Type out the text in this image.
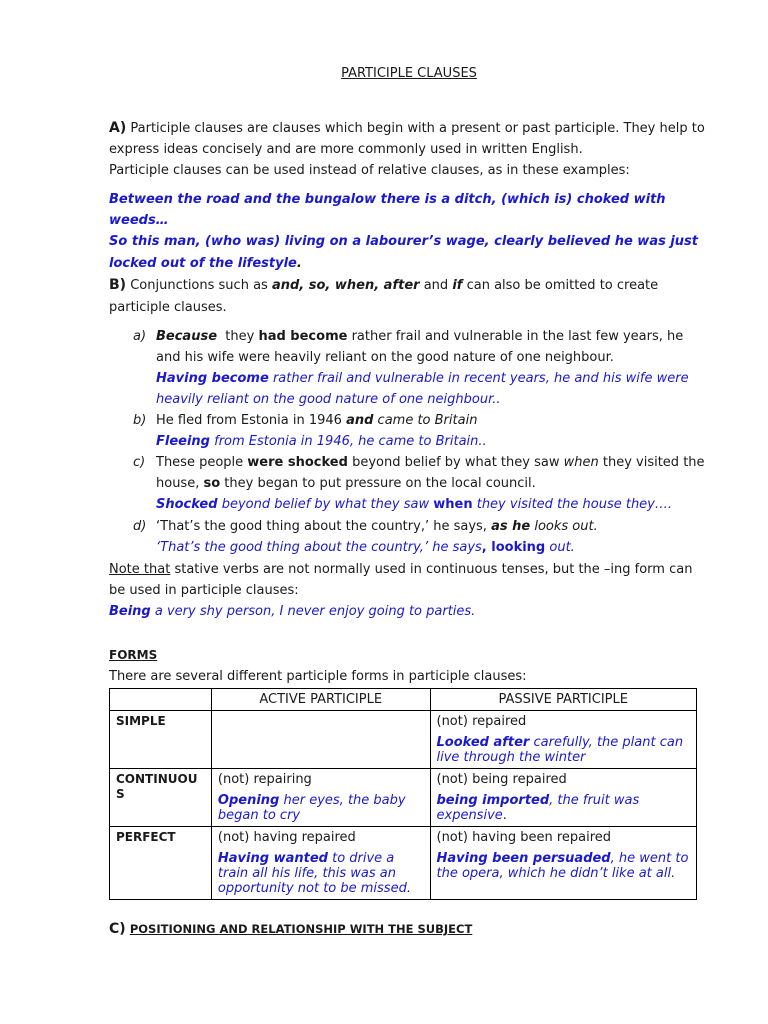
PARTICIPLE CLAUSES
A) Participle clauses are clauses which begin with a present or past participle. They help to
express ideas concisely and are more commonly used in written English.
Participle clauses can be used instead of relative clauses, as in these examples:
Between the road and the bungalow there is a ditch, (which is) choked with
weeds…
So this man, (who was) living on a labourer’s wage, clearly believed he was just
locked out of the lifestyle.
B) Conjunctions such as and, so, when, after and if can also be omitted to create
participle clauses.
a) Because they had become rather frail and vulnerable in the last few years, he
and his wife were heavily reliant on the good nature of one neighbour.
Having become rather frail and vulnerable in recent years, he and his wife were
heavily reliant on the good nature of one neighbour..
b) He fled from Estonia in 1946 and came to Britain
Fleeing from Estonia in 1946, he came to Britain..
c) These people were shocked beyond belief by what they saw when they visited the
house, so they began to put pressure on the local council.
Shocked beyond belief by what they saw when they visited the house they….
d) ‘That’s the good thing about the country,’ he says, as he looks out.
‘That’s the good thing about the country,’ he says, looking out.
Note that stative verbs are not normally used in continuous tenses, but the –ing form can
be used in participle clauses:
Being a very shy person, I never enjoy going to parties.
FORMS
There are several different participle forms in participle clauses:
	ACTIVE PARTICIPLE	PASSIVE PARTICIPLE
SIMPLE		(not) repaired
Looked after carefully, the plant can live through the winter

CONTINUOUS	(not) repairing
Opening her eyes, the baby began to cry	(not) being repaired
being imported, the fruit was expensive.

PERFECT	(not) having repaired
Having wanted to drive a train all his life, this was an opportunity not to be missed.	(not) having been repaired
Having been persuaded, he went to the opera, which he didn’t like at all.
C) POSITIONING AND RELATIONSHIP WITH THE SUBJECT
